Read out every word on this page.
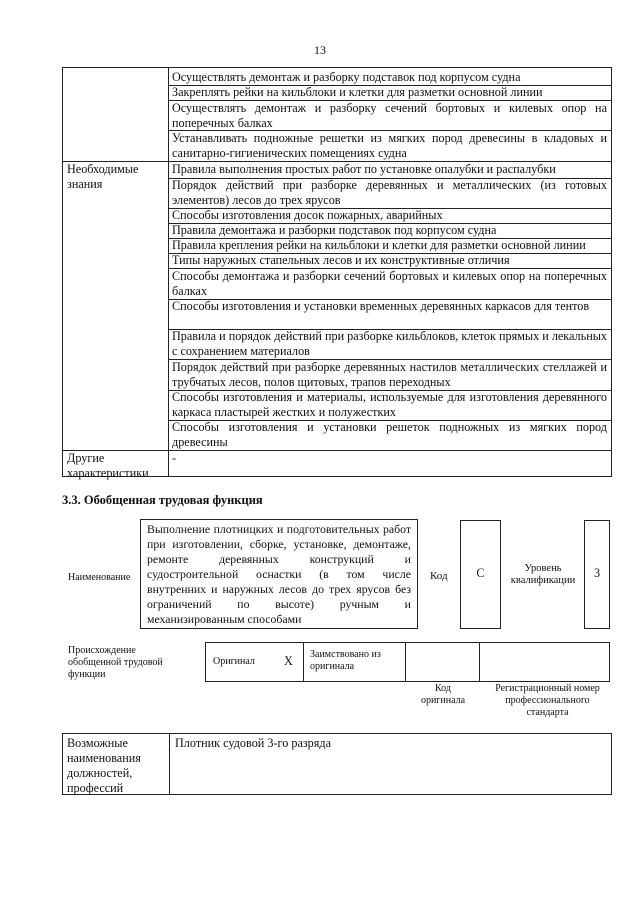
13
Осуществлять демонтаж и разборку подставок под корпусом судна
Закреплять рейки на кильблоки и клетки для разметки основной линии
Осуществлять демонтаж и разборку сечений бортовых и килевых опор на поперечных балках
Устанавливать подножные решетки из мягких пород древесины в кладовых и санитарно-гигиенических помещениях судна
Необходимые знания
Правила выполнения простых работ по установке опалубки и распалубки
Порядок действий при разборке деревянных и металлических (из готовых элементов) лесов до трех ярусов
Способы изготовления досок пожарных, аварийных
Правила демонтажа и разборки подставок под корпусом судна
Правила крепления рейки на кильблоки и клетки для разметки основной линии
Типы наружных стапельных лесов и их конструктивные отличия
Способы демонтажа и разборки сечений бортовых и килевых опор на поперечных балках
Способы изготовления и установки временных деревянных каркасов для тентов
Правила и порядок действий при разборке кильблоков, клеток прямых и лекальных с сохранением материалов
Порядок действий при разборке деревянных настилов металлических стеллажей и трубчатых лесов, полов щитовых, трапов переходных
Способы изготовления и материалы, используемые для изготовления деревянного каркаса пластырей жестких и полужестких
Способы изготовления и установки решеток подножных из мягких пород древесины
Другие характеристики
-
3.3. Обобщенная трудовая функция
Наименование
Выполнение плотницких и подготовительных работ при изготовлении, сборке, установке, демонтаже, ремонте деревянных конструкций и судостроительной оснастки (в том числе внутренних и наружных лесов до трех ярусов без ограничений по высоте) ручным и механизированным способами
Код	C	Уровень квалификации
3
Происхождение обобщенной трудовой функции
Оригинал X Заимствовано из оригинала
Код оригинала
Регистрационный номер профессионального стандарта
Возможные наименования должностей, профессий
Плотник судовой 3-го разряда
